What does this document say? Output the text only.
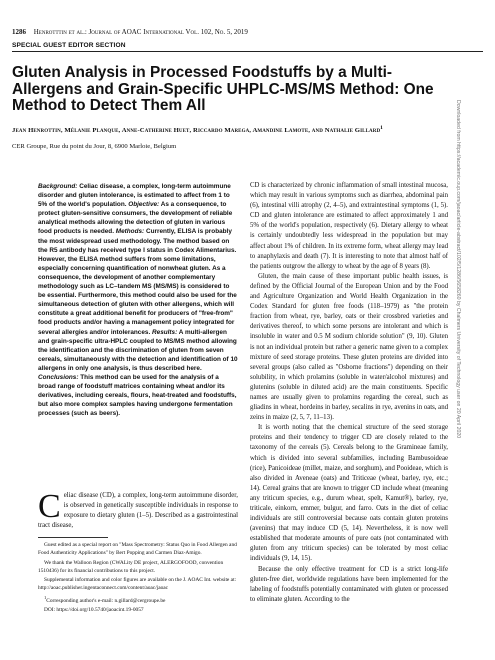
1286 Henrotttin et al.: Journal of AOAC International Vol. 102, No. 5, 2019
SPECIAL GUEST EDITOR SECTION
Gluten Analysis in Processed Foodstuffs by a Multi-Allergens and Grain-Specific UHPLC-MS/MS Method: One Method to Detect Them All
Jean Henrottin, Mélanie Planque, Anne-Catherine Huet, Riccardo Marega, Amandine Lamote, and Nathalie Gillard$^1$
CER Groupe, Rue du point du Jour, 8, 6900 Marloie, Belgium

Background: Celiac disease, a complex, long-term autoimmune disorder and gluten intolerance, is estimated to affect from 1 to 5% of the world's population. Objective: As a consequence, to protect gluten-sensitive consumers, the development of reliable analytical methods allowing the detection of gluten in various food products is needed. Methods: Currently, ELISA is probably the most widespread used methodology. The method based on the R5 antibody has received type I status in Codex Alimentarius. However, the ELISA method suffers from some limitations, especially concerning quantification of nonwheat gluten. As a consequence, the development of another complementary methodology such as LC–tandem MS (MS/MS) is considered to be essential. Furthermore, this method could also be used for the simultaneous detection of gluten with other allergens, which will constitute a great additional benefit for producers of "free-from" food products and/or having a management policy integrated for several allergies and/or intolerances. Results: A multi-allergen and grain-specific ultra-HPLC coupled to MS/MS method allowing the identification and the discrimination of gluten from seven cereals, simultaneously with the detection and identification of 10 allergens in only one analysis, is thus described here. Conclusions: This method can be used for the analysis of a broad range of foodstuff matrices containing wheat and/or its derivatives, including cereals, flours, heat-treated and foodstuffs, but also more complex samples having undergone fermentation processes (such as beers).

Celiac disease (CD), a complex, long-term autoimmune disorder, is observed in genetically susceptible individuals in response to exposure to dietary gluten (1–5). Described as a gastrointestinal tract disease,

Guest edited as a special report on "Mass Spectrometry: Status Quo in Food Allergen and Food Authenticity Applications" by Bert Popping and Carmen Diaz-Amigo.

We thank the Walloon Region (CWALity DE project, ALERGOFOOD, convention 1510436) for its financial contributions to this project.

Supplemental information and color figures are available on the J. AOAC Int. website at: http://aoac.publisher.ingentaconnect.com/content/aoac/jaoac

$^1$Corresponding author's e-mail: n.gillard@cergroupe.be

DOI: https://doi.org/10.5740/jaoacint.19-0057

CD is characterized by chronic inflammation of small intestinal mucosa, which may result in various symptoms such as diarrhea, abdominal pain (6), intestinal villi atrophy (2, 4–5), and extraintestinal symptoms (1, 5). CD and gluten intolerance are estimated to affect approximately 1 and 5% of the world's population, respectively (6). Dietary allergy to wheat is certainly undoubtedly less widespread in the population but may affect about 1% of children. In its extreme form, wheat allergy may lead to anaphylaxis and death (7). It is interesting to note that almost half of the patients outgrow the allergy to wheat by the age of 8 years (8).

Gluten, the main cause of these important public health issues, is defined by the Official Journal of the European Union and by the Food and Agriculture Organization and World Health Organization in the Codex Standard for gluten free foods (118–1979) as "the protein fraction from wheat, rye, barley, oats or their crossbred varieties and derivatives thereof, to which some persons are intolerant and which is insoluble in water and 0.5 M sodium chloride solution" (9, 10). Gluten is not an individual protein but rather a generic name given to a complex mixture of seed storage proteins. These gluten proteins are divided into several groups (also called as "Osborne fractions") depending on their solubility, in which prolamins (soluble in water/alcohol mixtures) and glutenins (soluble in diluted acid) are the main constituents. Specific names are usually given to prolamins regarding the cereal, such as gliadins in wheat, hordeins in barley, secalins in rye, avenins in oats, and zeins in maize (2, 5, 7, 11–13).

It is worth noting that the chemical structure of the seed storage proteins and their tendency to trigger CD are closely related to the taxonomy of the cereals (5). Cereals belong to the Gramineae family, which is divided into several subfamilies, including Bambusoideae (rice), Panicoideae (millet, maize, and sorghum), and Pooideae, which is also divided in Aveneae (oats) and Triticeae (wheat, barley, rye, etc.; 14). Cereal grains that are known to trigger CD include wheat (meaning any triticum species, e.g., durum wheat, spelt, Kamut®), barley, rye, triticale, einkorn, emmer, bulgur, and farro. Oats in the diet of celiac individuals are still controversial because oats contain gluten proteins (avenins) that may induce CD (5, 14). Nevertheless, it is now well established that moderate amounts of pure oats (not contaminated with gluten from any triticum species) can be tolerated by most celiac individuals (9, 14, 15).

Because the only effective treatment for CD is a strict long-life gluten-free diet, worldwide regulations have been implemented for the labeling of foodstuffs potentially contaminated with gluten or processed to eliminate gluten. According to the

Downloaded from https://academic.oup.com/jaoac/article-abstract/102/5/1286/5658260 by Chalmers University of Technology user on 20 April 2020
